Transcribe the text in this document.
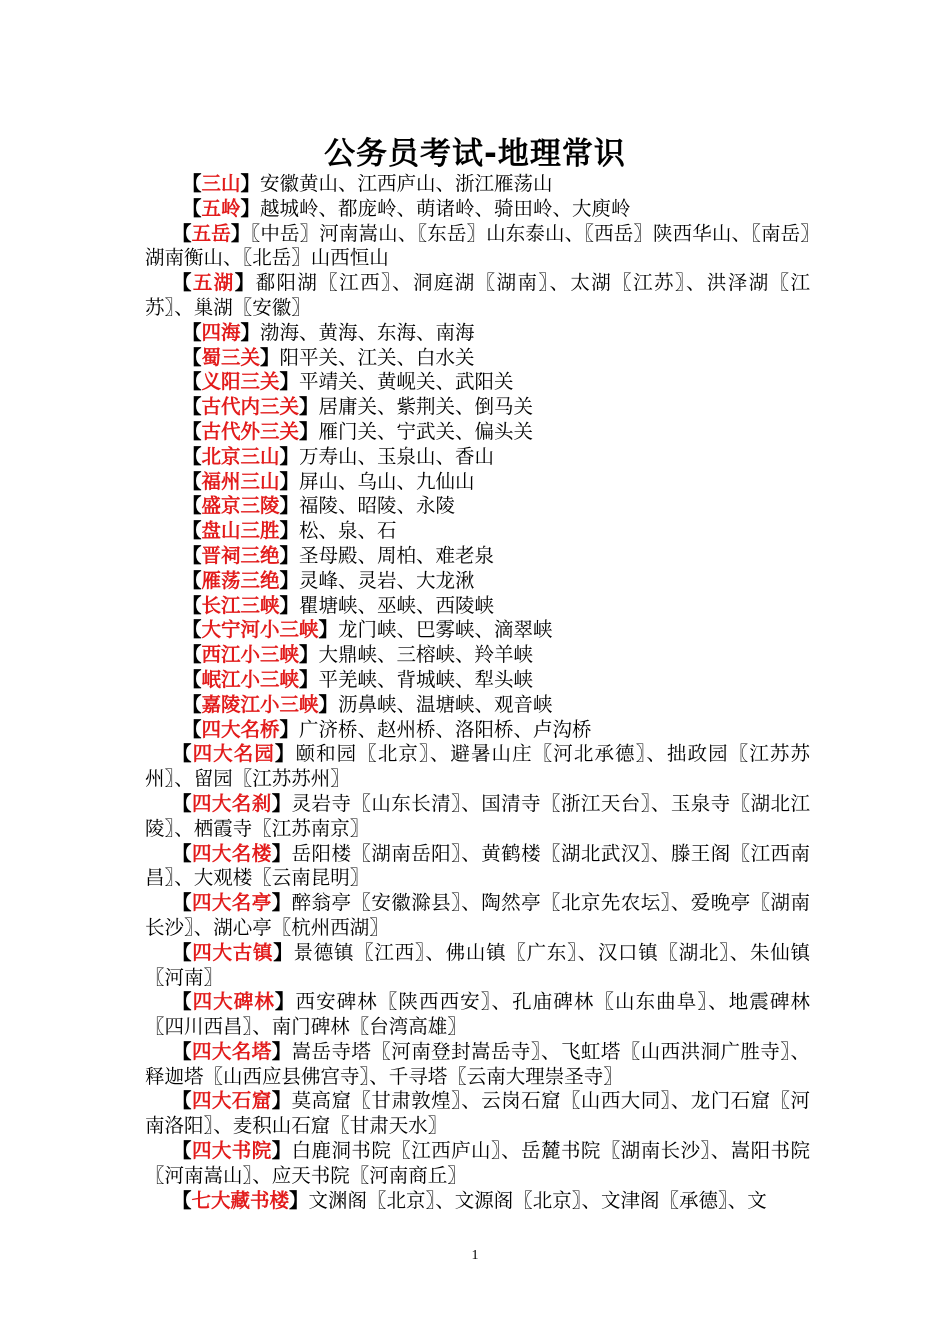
公务员考试-地理常识
【三山】安徽黄山、江西庐山、浙江雁荡山
【五岭】越城岭、都庞岭、萌诸岭、骑田岭、大庾岭
【五岳】〖中岳〗河南嵩山、〖东岳〗山东泰山、〖西岳〗陕西华山、〖南岳〗湖南衡山、〖北岳〗山西恒山
【五湖】鄱阳湖〖江西〗、洞庭湖〖湖南〗、太湖〖江苏〗、洪泽湖〖江苏〗、巢湖〖安徽〗
【四海】渤海、黄海、东海、南海
【蜀三关】阳平关、江关、白水关
【义阳三关】平靖关、黄岘关、武阳关
【古代内三关】居庸关、紫荆关、倒马关
【古代外三关】雁门关、宁武关、偏头关
【北京三山】万寿山、玉泉山、香山
【福州三山】屏山、乌山、九仙山
【盛京三陵】福陵、昭陵、永陵
【盘山三胜】松、泉、石
【晋祠三绝】圣母殿、周柏、难老泉
【雁荡三绝】灵峰、灵岩、大龙湫
【长江三峡】瞿塘峡、巫峡、西陵峡
【大宁河小三峡】龙门峡、巴雾峡、滴翠峡
【西江小三峡】大鼎峡、三榕峡、羚羊峡
【岷江小三峡】平羌峡、背城峡、犁头峡
【嘉陵江小三峡】沥鼻峡、温塘峡、观音峡
【四大名桥】广济桥、赵州桥、洛阳桥、卢沟桥
【四大名园】颐和园〖北京〗、避暑山庄〖河北承德〗、拙政园〖江苏苏州〗、留园〖江苏苏州〗
【四大名刹】灵岩寺〖山东长清〗、国清寺〖浙江天台〗、玉泉寺〖湖北江陵〗、栖霞寺〖江苏南京〗
【四大名楼】岳阳楼〖湖南岳阳〗、黄鹤楼〖湖北武汉〗、滕王阁〖江西南昌〗、大观楼〖云南昆明〗
【四大名亭】醉翁亭〖安徽滁县〗、陶然亭〖北京先农坛〗、爱晚亭〖湖南长沙〗、湖心亭〖杭州西湖〗
【四大古镇】景德镇〖江西〗、佛山镇〖广东〗、汉口镇〖湖北〗、朱仙镇〖河南〗
【四大碑林】西安碑林〖陕西西安〗、孔庙碑林〖山东曲阜〗、地震碑林〖四川西昌〗、南门碑林〖台湾高雄〗
【四大名塔】嵩岳寺塔〖河南登封嵩岳寺〗、飞虹塔〖山西洪洞广胜寺〗、释迦塔〖山西应县佛宫寺〗、千寻塔〖云南大理崇圣寺〗
【四大石窟】莫高窟〖甘肃敦煌〗、云岗石窟〖山西大同〗、龙门石窟〖河南洛阳〗、麦积山石窟〖甘肃天水〗
【四大书院】白鹿洞书院〖江西庐山〗、岳麓书院〖湖南长沙〗、嵩阳书院〖河南嵩山〗、应天书院〖河南商丘〗
【七大藏书楼】文渊阁〖北京〗、文源阁〖北京〗、文津阁〖承德〗、文
1
